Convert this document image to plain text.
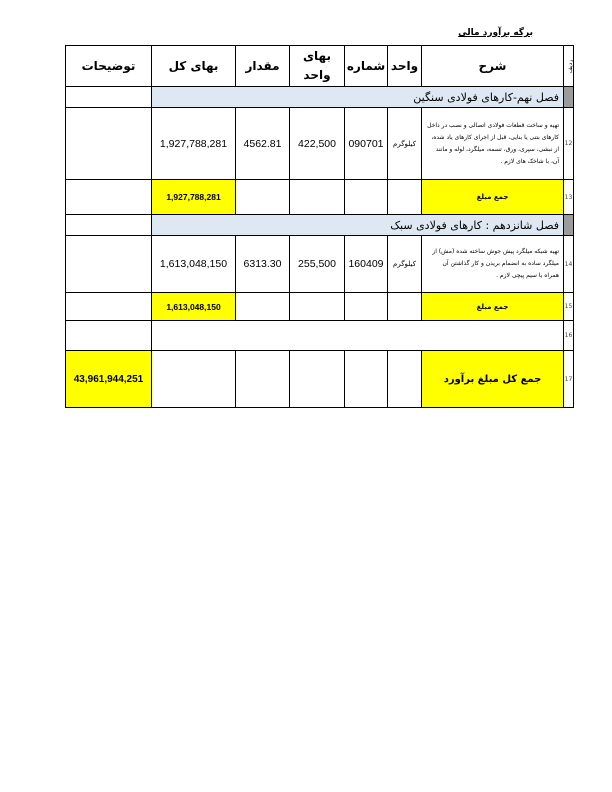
برگه برآورد مالی
توضیحات	بهای کل	مقدار	بهای واحد	شماره	واحد	شرح	ردیف
	فصل نهم-کارهای فولادی سنگین						
	1,927,788,281	4562.81	422,500	090701	کیلوگرم	تهیه و ساخت قطعات فولادی اتصالی و نصب در داخل کارهای بتنی یا بنایی، قبل از اجرای کارهای یاد شده، از نبشی، سپری، ورق، تسمه، میلگرد، لوله و مانند آن، با شاخک های لازم .	12
	1,927,788,281					جمع مبلغ	13
	فصل شانزدهم : کارهای فولادی سبک						
	1,613,048,150	6313.30	255,500	160409	کیلوگرم	تهیه شبکه میلگرد پیش جوش ساخته شده (مش) از میلگرد ساده به انضمام بریدن و کار گذاشتن آن همراه با سیم پیچی لازم .	14
	1,613,048,150					جمع مبلغ	15
							16
43,961,944,251						جمع کل مبلغ برآورد	17
